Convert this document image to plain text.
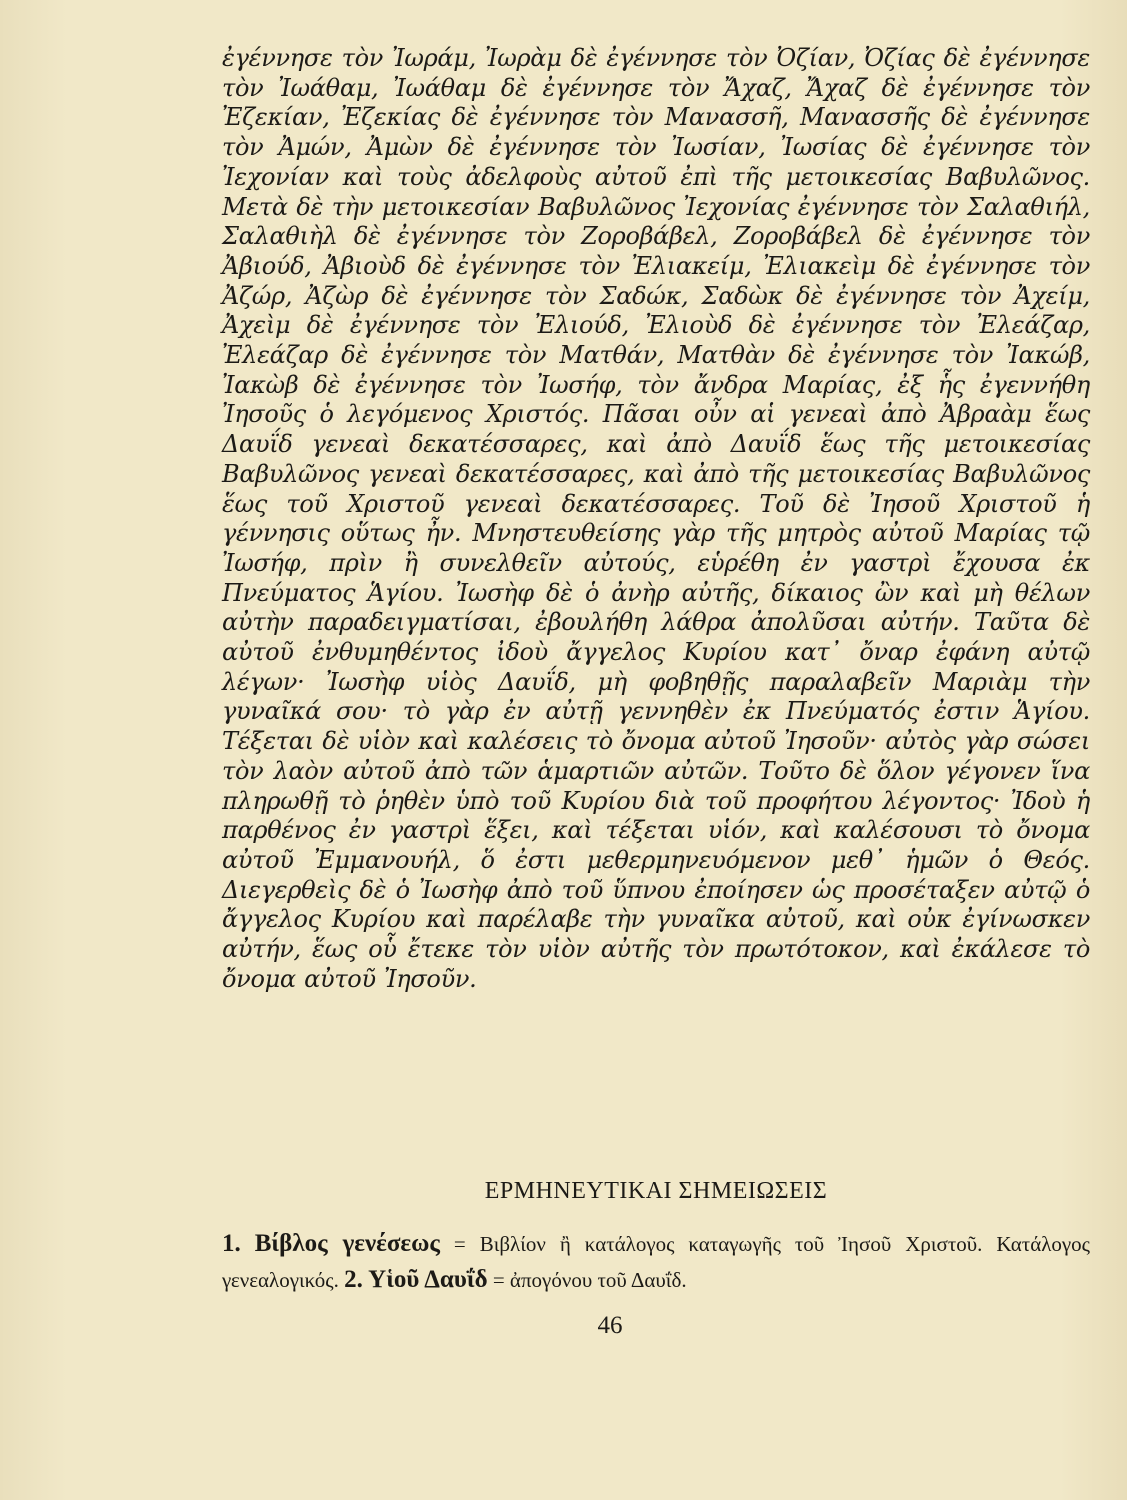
ἐγέννησε τὸν Ἰωράμ, Ἰωρὰμ δὲ ἐγέννησε τὸν Ὀζίαν, Ὀζίας δὲ ἐγέννησε τὸν Ἰωάθαμ, Ἰωάθαμ δὲ ἐγέννησε τὸν Ἄχαζ, Ἄχαζ δὲ ἐγέννησε τὸν Ἐζεκίαν, Ἐζεκίας δὲ ἐγέννησε τὸν Μανασσῆ, Μανασσῆς δὲ ἐγέννησε τὸν Ἀμών, Ἀμὼν δὲ ἐγέννησε τὸν Ἰωσίαν, Ἰωσίας δὲ ἐγέννησε τὸν Ἰεχονίαν καὶ τοὺς ἀδελφοὺς αὐτοῦ ἐπὶ τῆς μετοικεσίας Βαβυλῶνος. Μετὰ δὲ τὴν μετοικεσίαν Βαβυλῶνος Ἰεχονίας ἐγέννησε τὸν Σαλαθιήλ, Σαλαθιὴλ δὲ ἐγέννησε τὸν Ζοροβάβελ, Ζοροβάβελ δὲ ἐγέννησε τὸν Ἀβιούδ, Ἀβιοὺδ δὲ ἐγέννησε τὸν Ἐλιακείμ, Ἐλιακεὶμ δὲ ἐγέννησε τὸν Ἀζώρ, Ἀζὼρ δὲ ἐγέννησε τὸν Σαδώκ, Σαδὼκ δὲ ἐγέννησε τὸν Ἀχείμ, Ἀχεὶμ δὲ ἐγέννησε τὸν Ἐλιούδ, Ἐλιοὺδ δὲ ἐγέννησε τὸν Ἐλεάζαρ, Ἐλεάζαρ δὲ ἐγέννησε τὸν Ματθάν, Ματθὰν δὲ ἐγέννησε τὸν Ἰακώβ, Ἰακὼβ δὲ ἐγέννησε τὸν Ἰωσήφ, τὸν ἄνδρα Μαρίας, ἐξ ἧς ἐγεννήθη Ἰησοῦς ὁ λεγόμενος Χριστός. Πᾶσαι οὖν αἱ γενεαὶ ἀπὸ Ἀβραὰμ ἕως Δαυΐδ γενεαὶ δεκατέσσαρες, καὶ ἀπὸ Δαυΐδ ἕως τῆς μετοικεσίας Βαβυλῶνος γενεαὶ δεκατέσσαρες, καὶ ἀπὸ τῆς μετοικεσίας Βαβυλῶνος ἕως τοῦ Χριστοῦ γενεαὶ δεκατέσσαρες. Τοῦ δὲ Ἰησοῦ Χριστοῦ ἡ γέννησις οὕτως ἦν. Μνηστευθείσης γὰρ τῆς μητρὸς αὐτοῦ Μαρίας τῷ Ἰωσήφ, πρὶν ἢ συνελθεῖν αὐτούς, εὑρέθη ἐν γαστρὶ ἔχουσα ἐκ Πνεύματος Ἁγίου. Ἰωσὴφ δὲ ὁ ἀνὴρ αὐτῆς, δίκαιος ὢν καὶ μὴ θέλων αὐτὴν παραδειγματίσαι, ἐβουλήθη λάθρα ἀπολῦσαι αὐτήν. Ταῦτα δὲ αὐτοῦ ἐνθυμηθέντος ἰδοὺ ἄγγελος Κυρίου κατ᾿ ὄναρ ἐφάνη αὐτῷ λέγων· Ἰωσὴφ υἱὸς Δαυΐδ, μὴ φοβηθῇς παραλαβεῖν Μαριὰμ τὴν γυναῖκά σου· τὸ γὰρ ἐν αὐτῇ γεννηθὲν ἐκ Πνεύματός ἐστιν Ἁγίου. Τέξεται δὲ υἱὸν καὶ καλέσεις τὸ ὄνομα αὐτοῦ Ἰησοῦν· αὐτὸς γὰρ σώσει τὸν λαὸν αὐτοῦ ἀπὸ τῶν ἁμαρτιῶν αὐτῶν. Τοῦτο δὲ ὅλον γέγονεν ἵνα πληρωθῇ τὸ ῥηθὲν ὑπὸ τοῦ Κυρίου διὰ τοῦ προφήτου λέγοντος· Ἰδοὺ ἡ παρθένος ἐν γαστρὶ ἕξει, καὶ τέξεται υἱόν, καὶ καλέσουσι τὸ ὄνομα αὐτοῦ Ἐμμανουήλ, ὅ ἐστι μεθερμηνευόμενον μεθ᾿ ἡμῶν ὁ Θεός. Διεγερθεὶς δὲ ὁ Ἰωσὴφ ἀπὸ τοῦ ὕπνου ἐποίησεν ὡς προσέταξεν αὐτῷ ὁ ἄγγελος Κυρίου καὶ παρέλαβε τὴν γυναῖκα αὐτοῦ, καὶ οὐκ ἐγίνωσκεν αὐτήν, ἕως οὗ ἔτεκε τὸν υἱὸν αὐτῆς τὸν πρωτότοκον, καὶ ἐκάλεσε τὸ ὄνομα αὐτοῦ Ἰησοῦν.

ΕΡΜΗΝΕΥΤΙΚΑΙ ΣΗΜΕΙΩΣΕΙΣ

1. Βίβλος γενέσεως = Βιβλίον ἢ κατάλογος καταγωγῆς τοῦ Ἰησοῦ Χριστοῦ. Κατάλογος γενεαλογικός. 2. Υἱοῦ Δαυΐδ = ἀπογόνου τοῦ Δαυΐδ.

46
